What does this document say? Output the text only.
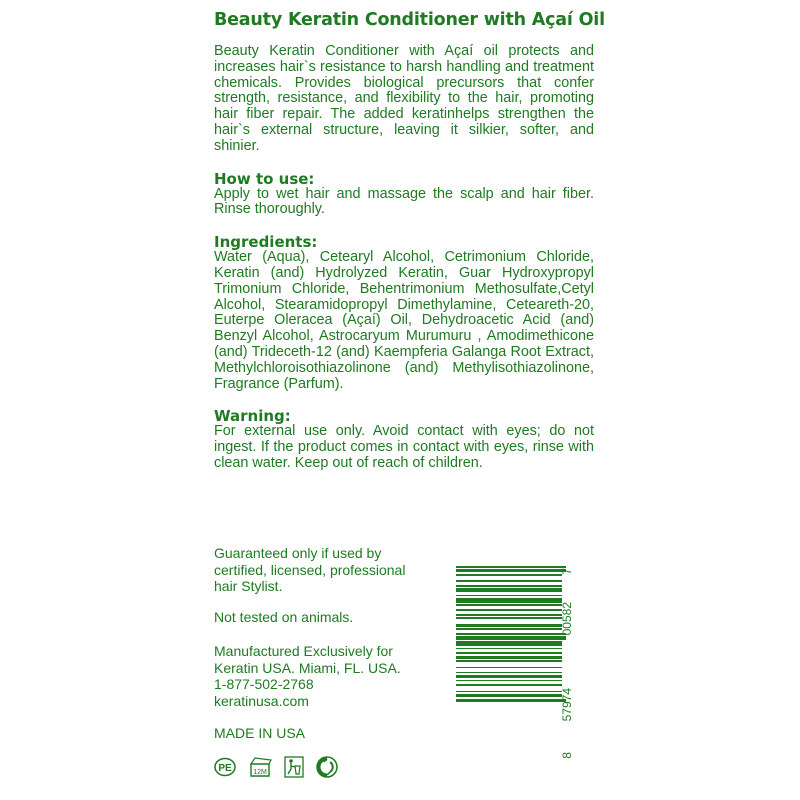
Beauty Keratin Conditioner with Açaí Oil

Beauty Keratin Conditioner with Açaí oil protects and increases hair`s resistance to harsh handling and treatment chemicals. Provides biological precursors that confer strength, resistance, and flexibility to the hair, promoting hair fiber repair. The added keratinhelps strengthen the hair`s external structure, leaving it silkier, softer, and shinier.

How to use:

Apply to wet hair and massage the scalp and hair fiber. Rinse thoroughly.

Ingredients:

Water (Aqua), Cetearyl Alcohol, Cetrimonium Chloride, Keratin (and) Hydrolyzed Keratin, Guar Hydroxypropyl Trimonium Chloride, Behentrimonium Methosulfate,Cetyl Alcohol, Stearamidopropyl Dimethylamine, Ceteareth-20, Euterpe Oleracea (Açaí) Oil, Dehydroacetic Acid (and) Benzyl Alcohol, Astrocaryum Murumuru , Amodimethicone (and) Trideceth-12 (and) Kaempferia Galanga Root Extract, Methylchloroisothiazolinone (and) Methylisothiazolinone, Fragrance (Parfum).

Warning:

For external use only. Avoid contact with eyes; do not ingest. If the product comes in contact with eyes, rinse with clean water. Keep out of reach of children.

Guaranteed only if used by certified, licensed, professional hair Stylist.

Not tested on animals.

Manufactured Exclusively for

Keratin USA. Miami, FL. USA.

1-877-502-2768

keratinusa.com

MADE IN USA

8
57974
00582
7
PE	12M
